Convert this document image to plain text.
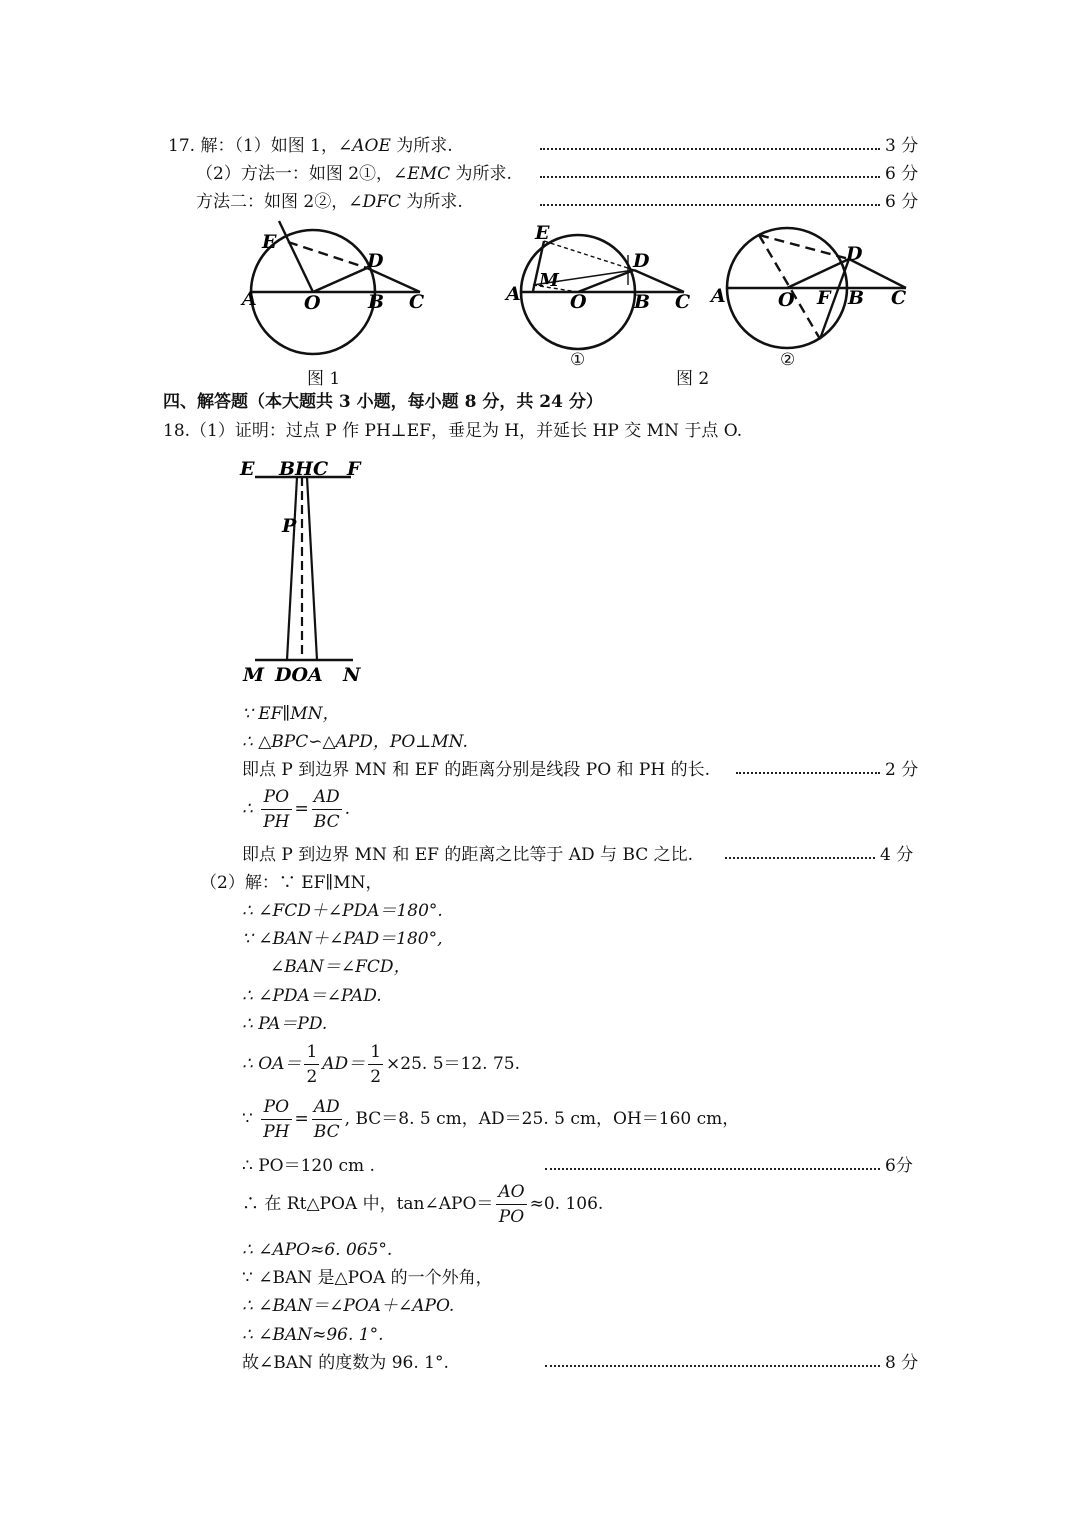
17. 解：（1）如图 1，∠AOE 为所求.	3 分
（2）方法一：如图 2①，∠EMC 为所求.	6 分
方法二：如图 2②，∠DFC 为所求.	6 分
E
D
A O B C
图 1
E
D
M
A	O B C
①
图 2
D
A	O F B C
②
四、解答题（本大题共 3 小题，每小题 8 分，共 24 分）
18.（1）证明：过点 P 作 PH⊥EF，垂足为 H，并延长 HP 交 MN 于点 O.
E BHC F
P
M DOA N
∵ EF∥MN，
∴ △BPC∽△APD，PO⊥MN.
即点 P 到边界 MN 和 EF 的距离分别是线段 PO 和 PH 的长.	2 分
∴ $\frac{PO}{PH} = \frac{AD}{BC}$ .
即点 P 到边界 MN 和 EF 的距离之比等于 AD 与 BC 之比.	4 分
（2）解：∵ EF∥MN，
∴ ∠FCD＋∠PDA＝180°.
∵ ∠BAN＋∠PAD＝180°,
∠BAN＝∠FCD，
∴ ∠PDA＝∠PAD.
∴ PA＝PD.
∴ $OA= \frac{1}{2} AD= \frac{1}{2} \times 25$. 5＝12. 75.
∵ $\frac{PO}{PH} = \frac{AD}{BC}$ , BC＝8. 5 cm，AD＝25. 5 cm，OH＝160 cm，
∴ PO＝120 cm .	6分
∴ 在 Rt△POA 中，tan∠APO＝ $\frac{AO}{PO} \approx 0$. 106.
∴ ∠APO≈6. 065°.
∵ ∠BAN 是△POA 的一个外角，
∴ ∠BAN＝∠POA＋∠APO.
∴ ∠BAN≈96. 1°.
故∠BAN 的度数为 96. 1°.	8 分
